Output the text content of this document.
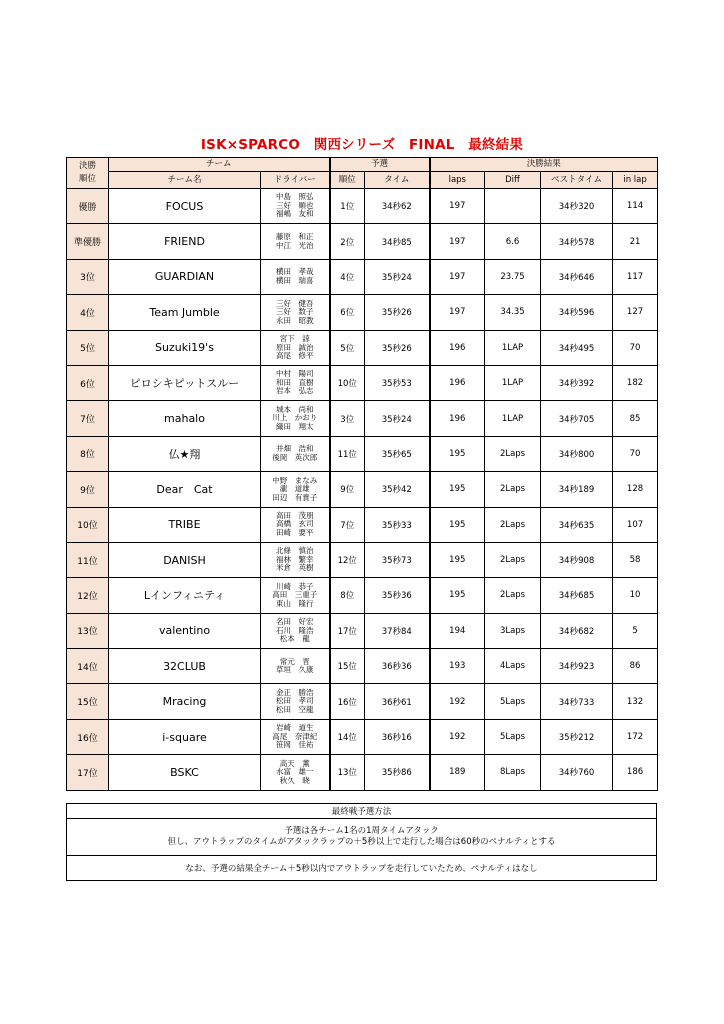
ISK×SPARCO　関西シリーズ　FINAL　最終結果
決勝
順位	チーム		予選		決勝結果			
	チーム名	ドライバー	順位	タイム	laps	Diff	ベストタイム	in lap
優勝	FOCUS	中島　照弘
三好　順也
福嶋　友和	1位	34秒62	197		34秒320	114
準優勝	FRIEND	藤原　和正
中江　光治	2位	34秒85	197	6.6	34秒578	21
3位	GUARDIAN	横田　孝哉
横田　瑞喜	4位	35秒24	197	23.75	34秒646	117
4位	Team Jumble	三好　健吾
三好　数子
永田　昭教	6位	35秒26	197	34.35	34秒596	127
5位	Suzuki19's	宮下　諒
原田　誠治
高尾　修平	5位	35秒26	196	1LAP	34秒495	70
6位	ピロシキピットスルー	中村　陽司
和田　直樹
岩本　弘志	10位	35秒53	196	1LAP	34秒392	182
7位	mahalo	城本　尚和
川上　かおり
織田　翔太	3位	35秒24	196	1LAP	34秒705	85
8位	仏★翔	井畑　浩和
後岡　英次郎	11位	35秒65	195	2Laps	34秒800	70
9位	Dear　Cat	中野　まなみ
瀧　道雄
田辺　有貴子	9位	35秒42	195	2Laps	34秒189	128
10位	TRIBE	高田　茂朋
高橋　玄司
田崎　要平	7位	35秒33	195	2Laps	34秒635	107
11位	DANISH	北條　慎治
福林　繁幸
米倉　英樹	12位	35秒73	195	2Laps	34秒908	58
12位	Lインフィニティ	川崎　恭子
高田　三重子
東山　隆行	8位	35秒36	195	2Laps	34秒685	10
13位	valentino	名田　好宏
石川　隆浩
松本　龍	17位	37秒84	194	3Laps	34秒682	5
14位	32CLUB	常元　晋
草垣　久康	15位	36秒36	193	4Laps	34秒923	86
15位	Mracing	金正　勝浩
松田　孝司
松田　空龍	16位	36秒61	192	5Laps	34秒733	132
16位	i-square	岩崎　道生
高尾　奈津紀
笹岡　佳祐	14位	36秒16	192	5Laps	35秒212	172
17位	BSKC	高天　薫
水富　雄一
秋久　晓	13位	35秒86	189	8Laps	34秒760	186
最終戦予選方法

予選は各チーム1名の1周タイムアタック
但し、アウトラップのタイムがアタックラップの＋5秒以上で走行した場合は60秒のペナルティとする

なお、予選の結果全チーム＋5秒以内でアウトラップを走行していたため、ペナルティはなし
